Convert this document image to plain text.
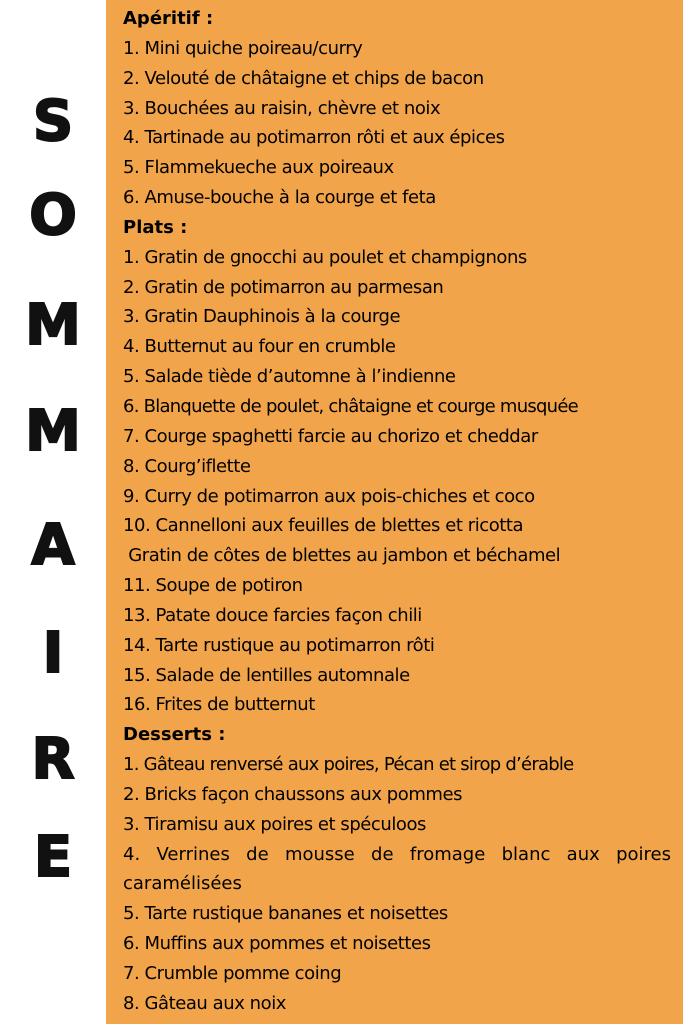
S
O
M
M
A
I
R
E
Apéritif :
1. Mini quiche poireau/curry
2. Velouté de châtaigne et chips de bacon
3. Bouchées au raisin, chèvre et noix
4. Tartinade au potimarron rôti et aux épices
5. Flammekueche aux poireaux
6. Amuse-bouche à la courge et feta
Plats :
1. Gratin de gnocchi au poulet et champignons
2. Gratin de potimarron au parmesan
3. Gratin Dauphinois à la courge
4. Butternut au four en crumble
5. Salade tiède d’automne à l’indienne
6. Blanquette de poulet, châtaigne et courge musquée
7. Courge spaghetti farcie au chorizo et cheddar
8. Courg’iflette
9. Curry de potimarron aux pois-chiches et coco
10. Cannelloni aux feuilles de blettes et ricotta
Gratin de côtes de blettes au jambon et béchamel
11. Soupe de potiron
13. Patate douce farcies façon chili
14. Tarte rustique au potimarron rôti
15. Salade de lentilles automnale
16. Frites de butternut
Desserts :
1. Gâteau renversé aux poires, Pécan et sirop d’érable
2. Bricks façon chaussons aux pommes
3. Tiramisu aux poires et spéculoos
4. Verrines de mousse de fromage blanc aux poires caramélisées
5. Tarte rustique bananes et noisettes
6. Muffins aux pommes et noisettes
7. Crumble pomme coing
8. Gâteau aux noix
